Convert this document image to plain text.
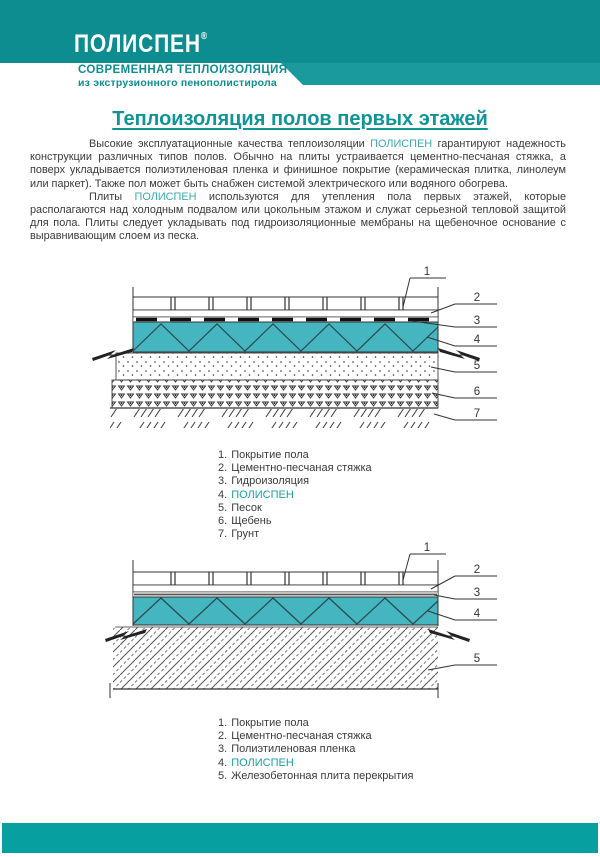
ПОЛИСПЕН®
СОВРЕМЕННАЯ ТЕПЛОИЗОЛЯЦИЯ
из экструзионного пенополистирола
Теплоизоляция полов первых этажей

Высокие эксплуатационные качества теплоизоляции ПОЛИСПЕН гарантируют надежность конструкции различных типов полов. Обычно на плиты устраивается цементно-песчаная стяжка, а поверх укладывается полиэтиленовая пленка и финишное покрытие (керамическая плитка, линолеум или паркет). Также пол может быть снабжен системой электрического или водяного обогрева.

Плиты ПОЛИСПЕН используются для утепления пола первых этажей, которые располагаются над холодным подвалом или цокольным этажом и служат серьезной тепловой защитой для пола. Плиты следует укладывать под гидроизоляционные мембраны на щебеночное основание с выравнивающим слоем из песка.

1
2
3
4
5
6
7
1
2
3
4
5
1. Покрытие пола
2. Цементно-песчаная стяжка
3. Гидроизоляция
4. ПОЛИСПЕН
5. Песок
6. Щебень
7. Грунт
1. Покрытие пола
2. Цементно-песчаная стяжка
3. Полиэтиленовая пленка
4. ПОЛИСПЕН
5. Железобетонная плита перекрытия
